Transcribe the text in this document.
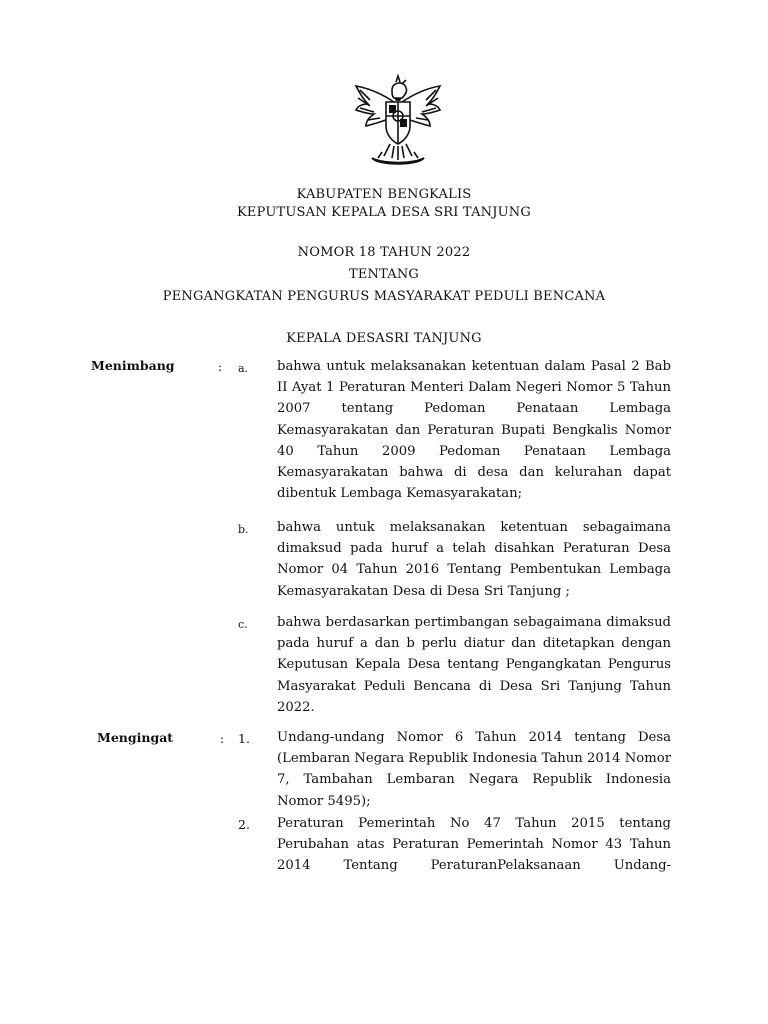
KABUPATEN BENGKALIS
KEPUTUSAN KEPALA DESA SRI TANJUNG
NOMOR 18 TAHUN 2022
TENTANG
PENGANGKATAN PENGURUS MASYARAKAT PEDULI BENCANA
KEPALA DESASRI TANJUNG
Menimbang	: a. bahwa untuk melaksanakan ketentuan dalam Pasal 2 Bab II Ayat 1 Peraturan Menteri Dalam Negeri Nomor 5 Tahun 2007 tentang Pedoman Penataan Lembaga Kemasyarakatan dan Peraturan Bupati Bengkalis Nomor 40 Tahun 2009 Pedoman Penataan Lembaga Kemasyarakatan bahwa di desa dan kelurahan dapat dibentuk Lembaga Kemasyarakatan;
b. bahwa untuk melaksanakan ketentuan sebagaimana dimaksud pada huruf a telah disahkan Peraturan Desa Nomor 04 Tahun 2016 Tentang Pembentukan Lembaga Kemasyarakatan Desa di Desa Sri Tanjung ;
c. bahwa berdasarkan pertimbangan sebagaimana dimaksud pada huruf a dan b perlu diatur dan ditetapkan dengan Keputusan Kepala Desa tentang Pengangkatan Pengurus Masyarakat Peduli Bencana di Desa Sri Tanjung Tahun 2022.
Mengingat	: 1. Undang-undang Nomor 6 Tahun 2014 tentang Desa (Lembaran Negara Republik Indonesia Tahun 2014 Nomor 7, Tambahan Lembaran Negara Republik Indonesia Nomor 5495);
2. Peraturan Pemerintah No 47 Tahun 2015 tentang Perubahan atas Peraturan Pemerintah Nomor 43 Tahun 2014 Tentang PeraturanPelaksanaan Undang-
